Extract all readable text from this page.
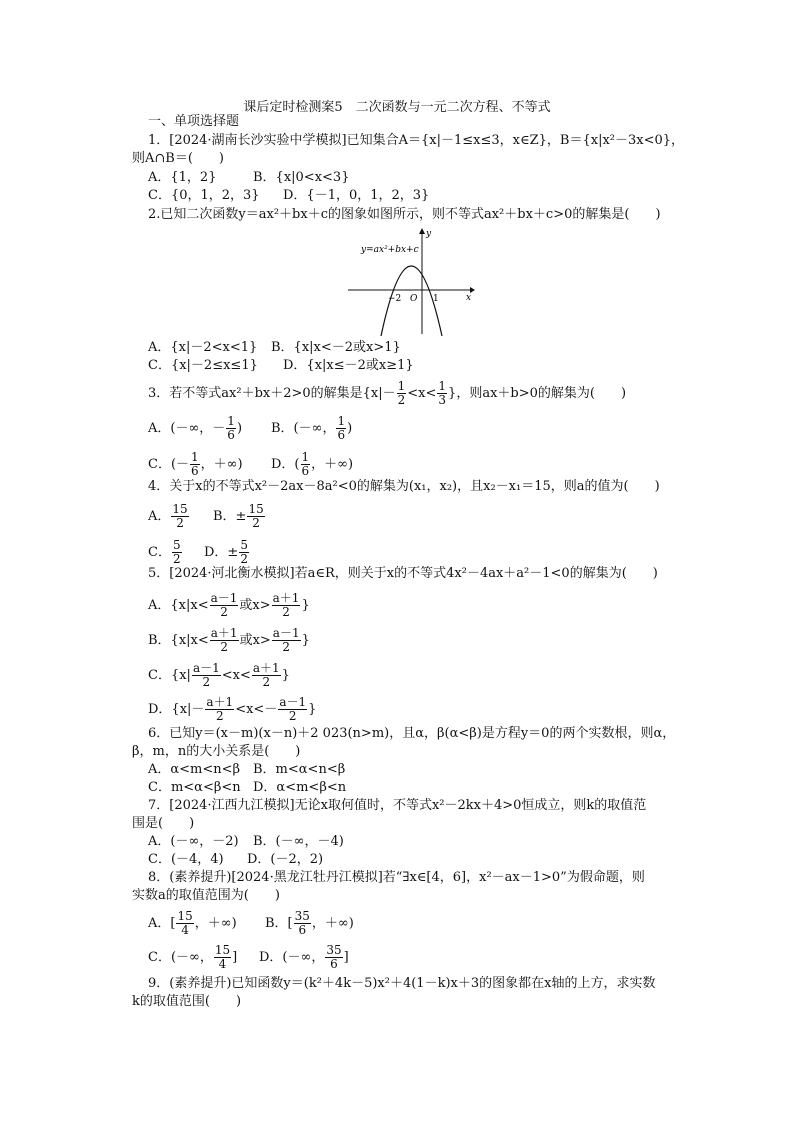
课后定时检测案5　二次函数与一元二次方程、不等式
一、单项选择题
1．[2024·湖南长沙实验中学模拟]已知集合A＝{x|－1≤x≤3，x∈Z}，B＝{x|x²－3x<0}，
则A∩B＝(　　)
A．{1，2}	B．{x|0<x<3}
C．{0，1，2，3} D．{－1，0，1，2，3}
2.已知二次函数y＝ax²＋bx＋c的图象如图所示，则不等式ax²＋bx＋c>0的解集是(　　)
y=ax²+bx+c
x
y
O
−2	1
A．{x|－2<x<1} B．{x|x<－2或x>1}
C．{x|－2≤x≤1} D．{x|x≤－2或x≥1}
3．若不等式ax²＋bx＋2>0的解集是{$x|- \frac{1}{2} <x< \frac{1}{3}$ }，则ax＋b>0的解集为(　　)
A．(－∞，－ $\frac{1}{6}$ ) B．(－∞， $\frac{1}{6}$ )
C．(－ $\frac{1}{6}$ ，＋∞) D．( $\frac{1}{6}$ ，＋∞)
4．关于x的不等式x²－2ax－8a²<0的解集为(x₁，x₂)，且x₂－x₁＝15，则a的值为(　　)
A． $\frac{15}{2}$ B．± $\frac{15}{2}$
C． $\frac{5}{2}$ D．± $\frac{5}{2}$
5．[2024·河北衡水模拟]若a∈R，则关于x的不等式4x²－4ax＋a²－1<0的解集为(　　)
A．{$x|x< \frac{a-1}{2}$ 或$x> \frac{a+1}{2}$ }
B．{$x|x< \frac{a+1}{2}$ 或$x> \frac{a-1}{2}$ }
C．{$x| \frac{a-1}{2} <x< \frac{a+1}{2}$ }
D．{$x|- \frac{a+1}{2} <x<- \frac{a-1}{2}$ }
6．已知y＝(x－m)(x－n)＋2 023(n>m)，且α，β(α<β)是方程y＝0的两个实数根，则α，
β，m，n的大小关系是(　　)
A．α<m<n<β B．m<α<n<β
C．m<α<β<n D．α<m<β<n
7．[2024·江西九江模拟]无论x取何值时，不等式x²－2kx＋4>0恒成立，则k的取值范
围是(　　)
A．(－∞，－2) B．(－∞，－4)
C．(－4，4) D．(－2，2)
8．(素养提升)[2024·黑龙江牡丹江模拟]若“∃x∈[4，6]，x²－ax－1>0”为假命题，则
实数a的取值范围为(　　)
A．[ $\frac{15}{4}$ ，＋∞) B．[ $\frac{35}{6}$ ，＋∞)
C．(－∞， $\frac{15}{4}$ ] D．(－∞， $\frac{35}{6}$ ]
9．(素养提升)已知函数y＝(k²＋4k－5)x²＋4(1－k)x＋3的图象都在x轴的上方，求实数
k的取值范围(　　)
